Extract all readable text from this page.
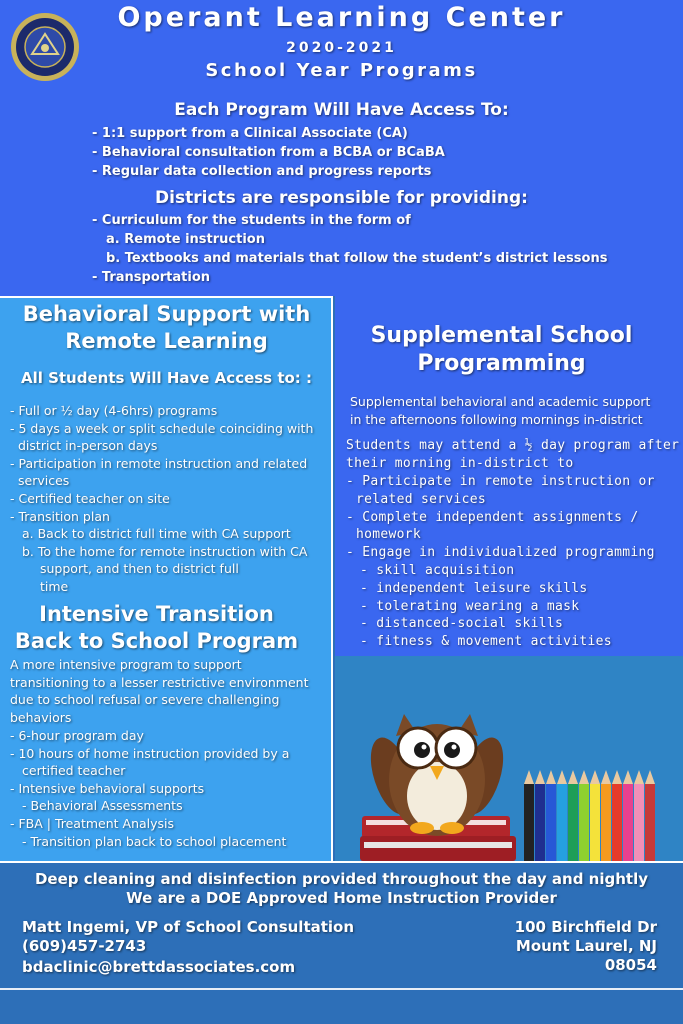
Operant Learning Center
2020-2021
School Year Programs
Each Program Will Have Access To:
- 1:1 support from a Clinical Associate (CA)
- Behavioral consultation from a BCBA or BCaBA
- Regular data collection and progress reports
Districts are responsible for providing:
- Curriculum for the students in the form of
a. Remote instruction
b. Textbooks and materials that follow the student’s district lessons
- Transportation
Behavioral Support with
Remote Learning
All Students Will Have Access to: :
- Full or ½ day (4-6hrs) programs
- 5 days a week or split schedule coinciding with
district in-person days
- Participation in remote instruction and related
services
- Certified teacher on site
- Transition plan
a. Back to district full time with CA support
b. To the home for remote instruction with CA
support, and then to district full
time
Intensive Transition
Back to School Program
A more intensive program to support
transitioning to a lesser restrictive environment
due to school refusal or severe challenging
behaviors
- 6-hour program day
- 10 hours of home instruction provided by a
certified teacher
- Intensive behavioral supports
- Behavioral Assessments
- FBA | Treatment Analysis
- Transition plan back to school placement
Supplemental School
Programming
Supplemental behavioral and academic support
in the afternoons following mornings in-district
Students may attend a ½ day program after
their morning in-district to
- Participate in remote instruction or
related services
- Complete independent assignments /
homework
- Engage in individualized programming
- skill acquisition
- independent leisure skills
- tolerating wearing a mask
- distanced-social skills
- fitness & movement activities
Deep cleaning and disinfection provided throughout the day and nightly
We are a DOE Approved Home Instruction Provider
Matt Ingemi, VP of School Consultation
(609)457-2743
bdaclinic@brettdassociates.com
100 Birchfield Dr
Mount Laurel, NJ
08054
